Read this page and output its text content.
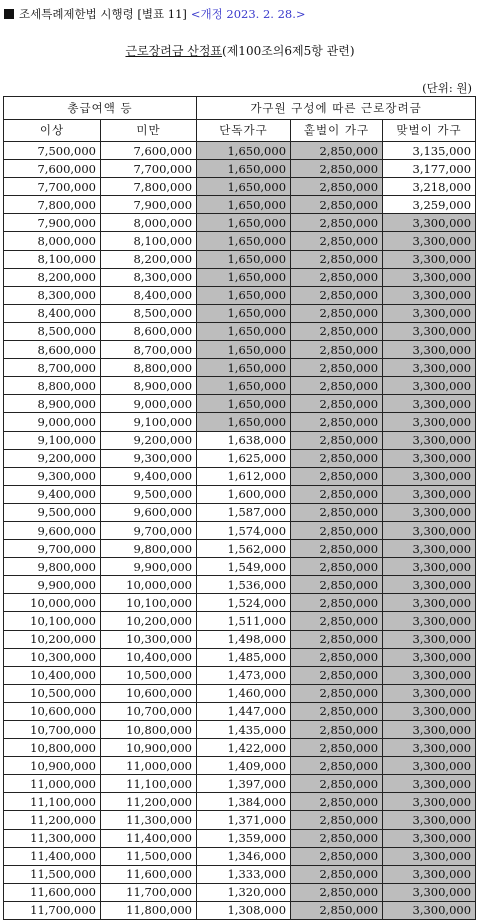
조세특례제한법 시행령 [별표 11] <개정 2023. 2. 28.>
근로장려금 산정표(제100조의6제5항 관련)
(단위: 원)
총급여액 등		가구원 구성에 따른 근로장려금		
이상	미만	단독가구	홑벌이 가구	맞벌이 가구
7,500,000	7,600,000	1,650,000	2,850,000	3,135,000
7,600,000	7,700,000	1,650,000	2,850,000	3,177,000
7,700,000	7,800,000	1,650,000	2,850,000	3,218,000
7,800,000	7,900,000	1,650,000	2,850,000	3,259,000
7,900,000	8,000,000	1,650,000	2,850,000	3,300,000
8,000,000	8,100,000	1,650,000	2,850,000	3,300,000
8,100,000	8,200,000	1,650,000	2,850,000	3,300,000
8,200,000	8,300,000	1,650,000	2,850,000	3,300,000
8,300,000	8,400,000	1,650,000	2,850,000	3,300,000
8,400,000	8,500,000	1,650,000	2,850,000	3,300,000
8,500,000	8,600,000	1,650,000	2,850,000	3,300,000
8,600,000	8,700,000	1,650,000	2,850,000	3,300,000
8,700,000	8,800,000	1,650,000	2,850,000	3,300,000
8,800,000	8,900,000	1,650,000	2,850,000	3,300,000
8,900,000	9,000,000	1,650,000	2,850,000	3,300,000
9,000,000	9,100,000	1,650,000	2,850,000	3,300,000
9,100,000	9,200,000	1,638,000	2,850,000	3,300,000
9,200,000	9,300,000	1,625,000	2,850,000	3,300,000
9,300,000	9,400,000	1,612,000	2,850,000	3,300,000
9,400,000	9,500,000	1,600,000	2,850,000	3,300,000
9,500,000	9,600,000	1,587,000	2,850,000	3,300,000
9,600,000	9,700,000	1,574,000	2,850,000	3,300,000
9,700,000	9,800,000	1,562,000	2,850,000	3,300,000
9,800,000	9,900,000	1,549,000	2,850,000	3,300,000
9,900,000	10,000,000	1,536,000	2,850,000	3,300,000
10,000,000	10,100,000	1,524,000	2,850,000	3,300,000
10,100,000	10,200,000	1,511,000	2,850,000	3,300,000
10,200,000	10,300,000	1,498,000	2,850,000	3,300,000
10,300,000	10,400,000	1,485,000	2,850,000	3,300,000
10,400,000	10,500,000	1,473,000	2,850,000	3,300,000
10,500,000	10,600,000	1,460,000	2,850,000	3,300,000
10,600,000	10,700,000	1,447,000	2,850,000	3,300,000
10,700,000	10,800,000	1,435,000	2,850,000	3,300,000
10,800,000	10,900,000	1,422,000	2,850,000	3,300,000
10,900,000	11,000,000	1,409,000	2,850,000	3,300,000
11,000,000	11,100,000	1,397,000	2,850,000	3,300,000
11,100,000	11,200,000	1,384,000	2,850,000	3,300,000
11,200,000	11,300,000	1,371,000	2,850,000	3,300,000
11,300,000	11,400,000	1,359,000	2,850,000	3,300,000
11,400,000	11,500,000	1,346,000	2,850,000	3,300,000
11,500,000	11,600,000	1,333,000	2,850,000	3,300,000
11,600,000	11,700,000	1,320,000	2,850,000	3,300,000
11,700,000	11,800,000	1,308,000	2,850,000	3,300,000
